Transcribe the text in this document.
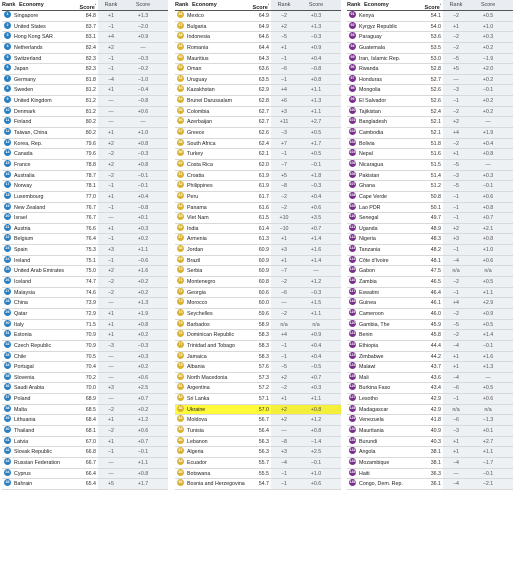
Rank Economy	Score$^{^1}$	Rank	Score
1	Singapore	84.8	+1	+1.3
2	United States	83.7	−1	−2.0
3	Hong Kong SAR	83.1	+4	+0.9
4	Netherlands	82.4	+2	—
5	Switzerland	82.3	−1	−0.3
6	Japan	82.3	−1	−0.2
7	Germany	81.8	−4	−1.0
8	Sweden	81.2	+1	−0.4
9	United Kingdom	81.2	—	−0.8
10 Denmark	81.2	—	+0.6
11 Finland	80.2	—	—
12 Taiwan, China	80.2	+1	+1.0
13 Korea, Rep.	79.6	+2	+0.8
14 Canada	79.6	−2	−0.3
15 France	78.8	+2	+0.8
16 Australia	78.7	−2	−0.1
17 Norway	78.1	−1	−0.1
18 Luxembourg	77.0	+1	+0.4
19 New Zealand	76.7	−1	−0.8
20 Israel	76.7	—	+0.1
21 Austria	76.6	+1	+0.3
22 Belgium	76.4	−1	+0.2
23 Spain	75.3	+3	+1.1
24 Ireland	75.1	−1	−0.6
25 United Arab Emirates	75.0	+2	+1.6
26 Iceland	74.7	−2	+0.2
27 Malaysia	74.6	−2	+0.2
28 China	73.9	—	+1.3
29 Qatar	72.9	+1	+1.9
30 Italy	71.5	+1	+0.8
31 Estonia	70.9	+1	+0.2
32 Czech Republic	70.9	−3	−0.3
33 Chile	70.5	—	+0.3
34 Portugal	70.4	—	+0.2
35 Slovenia	70.2	—	+0.6
36 Saudi Arabia	70.0	+3	+2.5
37 Poland	68.9	—	+0.7
38 Malta	68.5	−2	+0.2
39 Lithuania	68.4	+1	+1.2
40 Thailand	68.1	−2	+0.6
41 Latvia	67.0	+1	+0.7
42 Slovak Republic	66.8	−1	−0.1
43 Russian Federation	66.7	—	+1.1
44 Cyprus	66.4	—	+0.8
45 Bahrain	65.4	+5	+1.7
Rank Economy	Score$^{^1}$	Rank	Score
46 Mexico	64.9	−2	+0.3
47 Bulgaria	64.9	+2	+1.3
48 Indonesia	64.6	−5	−0.3
49 Romania	64.4	+1	+0.9
50 Mauritius	64.3	−1	+0.4
51 Oman	63.6	−6	−0.8
52 Uruguay	63.5	−1	+0.8
53 Kazakhstan	62.9	+4	+1.1
54 Brunei Darussalam	62.8	+6	+1.3
55 Colombia	62.7	+3	+1.1
56 Azerbaijan	62.7	+11	+2.7
57 Greece	62.6	−3	+0.5
58 South Africa	62.4	+7	+1.7
59 Turkey	62.1	−1	+0.5
60 Costa Rica	62.0	−7	−0.1
61 Croatia	61.9	+5	+1.8
62 Philippines	61.9	−8	−0.3
63 Peru	61.7	−2	+0.4
64 Panama	61.6	−2	+0.6
65 Viet Nam	61.5	+10	+3.5
66 India	61.4	−10	+0.7
67 Armenia	61.3	+1	+1.4
68 Jordan	60.9	+3	+1.6
69 Brazil	60.9	+1	+1.4
70 Serbia	60.9	−7	—
71 Montenegro	60.8	−2	+1.2
72 Georgia	60.6	−6	−0.3
73 Morocco	60.0	—	+1.5
74 Seychelles	59.6	−2	+1.1
75 Barbados	58.9	n/a	n/a
76 Dominican Republic	58.3	+4	+0.9
77 Trinidad and Tobago	58.3	−1	+0.4
78 Jamaica	58.3	−1	+0.4
79 Albania	57.6	−5	−0.5
80 North Macedonia	57.3	+2	+0.7
81 Argentina	57.2	−2	+0.3
82 Sri Lanka	57.1	+1	+1.1
83 Ukraine	57.0	+2	+0.8
84 Moldova	56.7	+2	+1.2
85 Tunisia	56.4	—	+0.8
86 Lebanon	56.3	−8	−1.4
87 Algeria	56.3	+3	+2.5
88 Ecuador	55.7	−4	−0.1
89 Botswana	55.5	−1	+1.0
90 Bosnia and Herzegovina	54.7	−1	+0.6
Rank Economy	Score$^{^1}$	Rank	Score
91 Kenya	54.1	−2	+0.5
92 Kyrgyz Republic	54.0	+1	+1.0
93 Paraguay	53.6	−2	+0.3
94 Guatemala	53.5	−2	+0.2
95 Iran, Islamic Rep.	53.0	−5	−1.9
96 Rwanda	52.8	+5	+2.0
97 Honduras	52.7	—	+0.2
98 Mongolia	52.6	−3	−0.1
99 El Salvador	52.6	−1	+0.2
100 Tajikistan	52.4	−2	+0.2
101 Bangladesh	52.1	+2	—
102 Cambodia	52.1	+4	+1.9
103 Bolivia	51.8	−2	+0.4
104 Nepal	51.6	+1	+0.8
105 Nicaragua	51.5	−5	—
106 Pakistan	51.4	−3	+0.3
107 Ghana	51.2	−5	−0.1
108 Cape Verde	50.8	−1	+0.6
109 Lao PDR	50.1	−1	+0.8
110 Senegal	49.7	−1	+0.7
111 Uganda	48.9	+2	+2.1
112 Nigeria	48.3	+3	+0.8
113 Tanzania	48.2	−1	+1.0
114 Côte d'Ivoire	48.1	−4	+0.6
115 Gabon	47.5	n/a	n/a
116 Zambia	46.5	−2	+0.5
117 Eswatini	46.4	−1	+1.1
118 Guinea	46.1	+4	+2.9
119 Cameroon	46.0	−2	+0.9
120 Gambia, The	45.9	−5	+0.5
121 Benin	45.8	−2	+1.4
122 Ethiopia	44.4	−4	−0.1
123 Zimbabwe	44.2	+1	+1.6
124 Malawi	43.7	+1	+1.3
125 Mali	43.6	−4	—
126 Burkina Faso	43.4	−6	+0.5
127 Lesotho	42.9	−1	+0.6
128 Madagascar	42.9	n/a	n/a
129 Venezuela	41.8	−6	−1.3
130 Mauritania	40.9	−3	+0.1
131 Burundi	40.3	+1	+2.7
132 Angola	38.1	+1	+1.1
133 Mozambique	38.1	−4	−1.7
134 Haiti	36.3	—	−0.1
135 Congo, Dem. Rep.	36.1	−4	−2.1
